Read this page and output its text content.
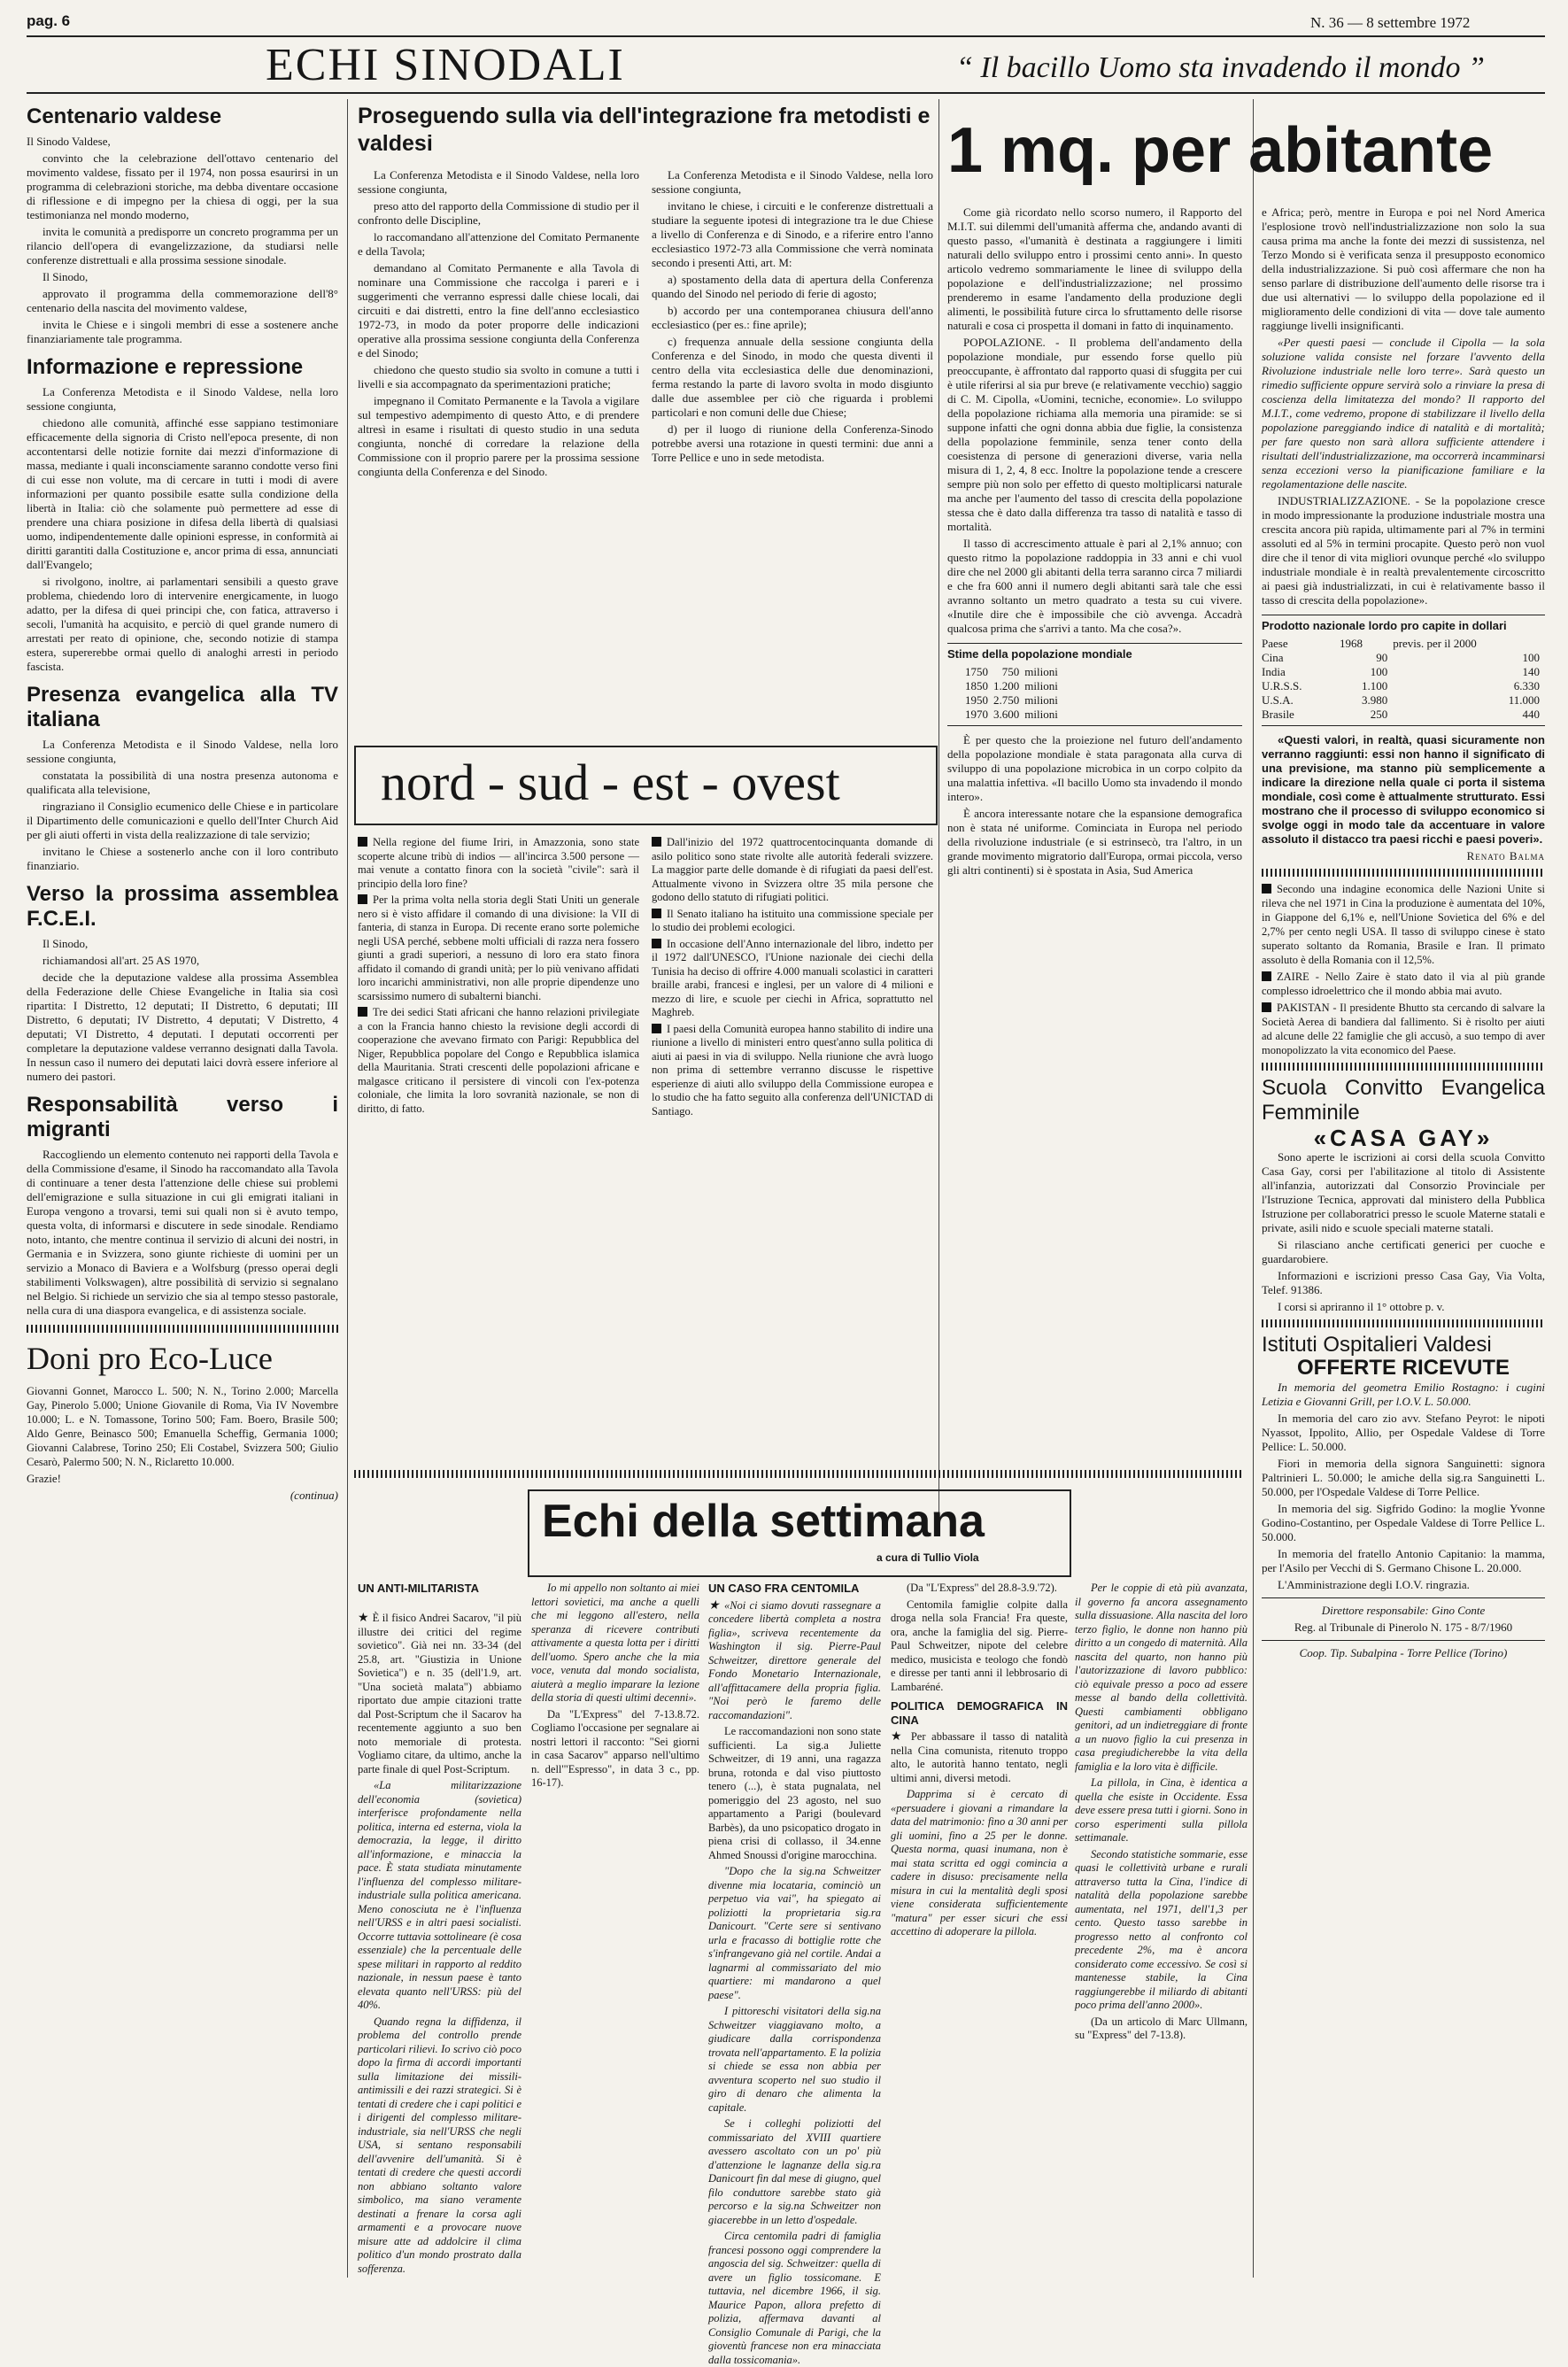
pag. 6	N. 36 — 8 settembre 1972
ECHI SINODALI	“ Il bacillo Uomo sta invadendo il mondo ”
Centenario valdese

Il Sinodo Valdese,

convinto che la celebrazione dell'ottavo centenario del movimento valdese, fissato per il 1974, non possa esaurirsi in un programma di celebrazioni storiche, ma debba diventare occasione di riflessione e di impegno per la chiesa di oggi, per la sua testimonianza nel mondo moderno,

invita le comunità a predisporre un concreto programma per un rilancio dell'opera di evangelizzazione, da studiarsi nelle conferenze distrettuali e alla prossima sessione sinodale.

Il Sinodo,

approvato il programma della commemorazione dell'8° centenario della nascita del movimento valdese,

invita le Chiese e i singoli membri di esse a sostenere anche finanziariamente tale programma.

Informazione e repressione

La Conferenza Metodista e il Sinodo Valdese, nella loro sessione congiunta,

chiedono alle comunità, affinché esse sappiano testimoniare efficacemente della signoria di Cristo nell'epoca presente, di non accontentarsi delle notizie fornite dai mezzi d'informazione di massa, mediante i quali inconsciamente saranno condotte verso fini di cui esse non volute, ma di cercare in tutti i modi di avere informazioni per quanto possibile esatte sulla condizione della libertà in Italia: ciò che solamente può permettere ad esse di prendere una chiara posizione in difesa della libertà di qualsiasi uomo, indipendentemente dalle opinioni espresse, in conformità ai diritti garantiti dalla Costituzione e, ancor prima di essa, annunciati dall'Evangelo;

si rivolgono, inoltre, ai parlamentari sensibili a questo grave problema, chiedendo loro di intervenire energicamente, in luogo adatto, per la difesa di quei principi che, con fatica, attraverso i secoli, l'umanità ha acquisito, e perciò di quel grande numero di arrestati per reato di opinione, che, secondo notizie di stampa estera, supererebbe ormai quello di analoghi arresti in periodo fascista.

Presenza evangelica alla TV italiana

La Conferenza Metodista e il Sinodo Valdese, nella loro sessione congiunta,

constatata la possibilità di una nostra presenza autonoma e qualificata alla televisione,

ringraziano il Consiglio ecumenico delle Chiese e in particolare il Dipartimento delle comunicazioni e quello dell'Inter Church Aid per gli aiuti offerti in vista della realizzazione di tale servizio;

invitano le Chiese a sostenerlo anche con il loro contributo finanziario.

Verso la prossima assemblea F.C.E.I.

Il Sinodo,

richiamandosi all'art. 25 AS 1970,

decide che la deputazione valdese alla prossima Assemblea della Federazione delle Chiese Evangeliche in Italia sia così ripartita: I Distretto, 12 deputati; II Distretto, 6 deputati; III Distretto, 6 deputati; IV Distretto, 4 deputati; V Distretto, 4 deputati; VI Distretto, 4 deputati. I deputati occorrenti per completare la deputazione valdese verranno designati dalla Tavola. In nessun caso il numero dei deputati laici dovrà essere inferiore al numero dei pastori.

Responsabilità verso i migranti

Raccogliendo un elemento contenuto nei rapporti della Tavola e della Commissione d'esame, il Sinodo ha raccomandato alla Tavola di continuare a tener desta l'attenzione delle chiese sui problemi dell'emigrazione e sulla situazione in cui gli emigrati italiani in Europa vengono a trovarsi, temi sui quali non si è avuto tempo, questa volta, di informarsi e discutere in sede sinodale. Rendiamo noto, intanto, che mentre continua il servizio di alcuni dei nostri, in Germania e in Svizzera, sono giunte richieste di uomini per un servizio a Monaco di Baviera e a Wolfsburg (presso operai degli stabilimenti Volkswagen), altre possibilità di servizio si segnalano nel Belgio. Si richiede un servizio che sia al tempo stesso pastorale, nella cura di una diaspora evangelica, e di assistenza sociale.

Doni pro Eco-Luce

Giovanni Gonnet, Marocco L. 500; N. N., Torino 2.000; Marcella Gay, Pinerolo 5.000; Unione Giovanile di Roma, Via IV Novembre 10.000; L. e N. Tomassone, Torino 500; Fam. Boero, Brasile 500; Aldo Genre, Beinasco 500; Emanuella Scheffig, Germania 1000; Giovanni Calabrese, Torino 250; Eli Costabel, Svizzera 500; Giulio Cesarò, Palermo 500; N. N., Riclaretto 10.000.

Grazie!

(continua)

Proseguendo sulla via dell'integrazione fra metodisti e valdesi

La Conferenza Metodista e il Sinodo Valdese, nella loro sessione congiunta,

preso atto del rapporto della Commissione di studio per il confronto delle Discipline,

lo raccomandano all'attenzione del Comitato Permanente e della Tavola;

demandano al Comitato Permanente e alla Tavola di nominare una Commissione che raccolga i pareri e i suggerimenti che verranno espressi dalle chiese locali, dai circuiti e dai distretti, entro la fine dell'anno ecclesiastico 1972-73, in modo da poter proporre delle indicazioni operative alla prossima sessione congiunta della Conferenza e del Sinodo;

chiedono che questo studio sia svolto in comune a tutti i livelli e sia accompagnato da sperimentazioni pratiche;

impegnano il Comitato Permanente e la Tavola a vigilare sul tempestivo adempimento di questo Atto, e di prendere altresì in esame i risultati di questo studio in una seduta congiunta, nonché di corredare la relazione della Commissione con il proprio parere per la prossima sessione congiunta della Conferenza e del Sinodo.

La Conferenza Metodista e il Sinodo Valdese, nella loro sessione congiunta,

invitano le chiese, i circuiti e le conferenze distrettuali a studiare la seguente ipotesi di integrazione tra le due Chiese a livello di Conferenza e di Sinodo, e a riferire entro l'anno ecclesiastico 1972-73 alla Commissione che verrà nominata secondo i presenti Atti, art. M:

a) spostamento della data di apertura della Conferenza quando del Sinodo nel periodo di ferie di agosto;

b) accordo per una contemporanea chiusura dell'anno ecclesiastico (per es.: fine aprile);

c) frequenza annuale della sessione congiunta della Conferenza e del Sinodo, in modo che questa diventi il centro della vita ecclesiastica delle due denominazioni, ferma restando la parte di lavoro svolta in modo disgiunto dalle due assemblee per ciò che riguarda i problemi particolari e non comuni delle due Chiese;

d) per il luogo di riunione della Conferenza-Sinodo potrebbe aversi una rotazione in questi termini: due anni a Torre Pellice e uno in sede metodista.

nord - sud - est - ovest

Nella regione del fiume Iriri, in Amazzonia, sono state scoperte alcune tribù di indios — all'incirca 3.500 persone — mai venute a contatto finora con la società "civile": sarà il principio della loro fine?

Per la prima volta nella storia degli Stati Uniti un generale nero si è visto affidare il comando di una divisione: la VII di fanteria, di stanza in Europa. Di recente erano sorte polemiche negli USA perché, sebbene molti ufficiali di razza nera fossero giunti a gradi superiori, a nessuno di loro era stato finora affidato il comando di grandi unità; per lo più venivano affidati loro incarichi amministrativi, non alle proprie dipendenze uno scarsissimo numero di subalterni bianchi.

Tre dei sedici Stati africani che hanno relazioni privilegiate a con la Francia hanno chiesto la revisione degli accordi di cooperazione che avevano firmato con Parigi: Repubblica del Niger, Repubblica popolare del Congo e Repubblica islamica della Mauritania. Strati crescenti delle popolazioni africane e malgasce criticano il persistere di vincoli con l'ex-potenza coloniale, che limita la loro sovranità nazionale, se non di diritto, di fatto.

Dall'inizio del 1972 quattrocentocinquanta domande di asilo politico sono state rivolte alle autorità federali svizzere. La maggior parte delle domande è di rifugiati da paesi dell'est. Attualmente vivono in Svizzera oltre 35 mila persone che godono dello statuto di rifugiati politici.

Il Senato italiano ha istituito una commissione speciale per lo studio dei problemi ecologici.

In occasione dell'Anno internazionale del libro, indetto per il 1972 dall'UNESCO, l'Unione nazionale dei ciechi della Tunisia ha deciso di offrire 4.000 manuali scolastici in caratteri braille arabi, francesi e inglesi, per un valore di 4 milioni e mezzo di lire, e scuole per ciechi in Africa, soprattutto nel Maghreb.

I paesi della Comunità europea hanno stabilito di indire una riunione a livello di ministeri entro quest'anno sulla politica di aiuti ai paesi in via di sviluppo. Nella riunione che avrà luogo non prima di settembre verranno discusse le rispettive esperienze di aiuti allo sviluppo della Commissione europea e lo studio che ha fatto seguito alla conferenza dell'UNICTAD di Santiago.

1 mq. per abitante

Come già ricordato nello scorso numero, il Rapporto del M.I.T. sui dilemmi dell'umanità afferma che, andando avanti di questo passo, «l'umanità è destinata a raggiungere i limiti naturali dello sviluppo entro i prossimi cento anni». In questo articolo vedremo sommariamente le linee di sviluppo della popolazione e dell'industrializzazione; nel prossimo prenderemo in esame l'andamento della produzione degli alimenti, le possibilità future circa lo sfruttamento delle risorse naturali e cosa ci prospetta il domani in fatto di inquinamento.

POPOLAZIONE. - Il problema dell'andamento della popolazione mondiale, pur essendo forse quello più preoccupante, è affrontato dal rapporto quasi di sfuggita per cui è utile riferirsi al sia pur breve (e relativamente vecchio) saggio di C. M. Cipolla, «Uomini, tecniche, economie». Lo sviluppo della popolazione richiama alla memoria una piramide: se si suppone infatti che ogni donna abbia due figlie, la consistenza della popolazione femminile, senza tener conto della coesistenza di persone di generazioni diverse, varia nella misura di 1, 2, 4, 8 ecc. Inoltre la popolazione tende a crescere sempre più non solo per effetto di questo moltiplicarsi naturale ma anche per l'aumento del tasso di crescita della popolazione stessa che è dato dalla differenza tra tasso di natalità e tasso di mortalità.

Il tasso di accrescimento attuale è pari al 2,1% annuo; con questo ritmo la popolazione raddoppia in 33 anni e chi vuol dire che nel 2000 gli abitanti della terra saranno circa 7 miliardi e che fra 600 anni il numero degli abitanti sarà tale che essi avranno soltanto un metro quadrato a testa su cui vivere. «Inutile dire che è impossibile che ciò avvenga. Accadrà qualcosa prima che s'arrivi a tanto. Ma che cosa?».

Stime della popolazione mondiale
1750	750	milioni
1850	1.200	milioni
1950	2.750	milioni
1970	3.600	milioni

È per questo che la proiezione nel futuro dell'andamento della popolazione mondiale è stata paragonata alla curva di sviluppo di una popolazione microbica in un corpo colpito da una malattia infettiva. «Il bacillo Uomo sta invadendo il mondo intero».

È ancora interessante notare che la espansione demografica non è stata né uniforme. Cominciata in Europa nel periodo della rivoluzione industriale (e si estrinsecò, tra l'altro, in un grande movimento migratorio dall'Europa, ormai piccola, verso gli altri continenti) si è spostata in Asia, Sud America

e Africa; però, mentre in Europa e poi nel Nord America l'esplosione trovò nell'industrializzazione non solo la sua causa prima ma anche la fonte dei mezzi di sussistenza, nel Terzo Mondo si è verificata senza il presupposto economico della industrializzazione. Si può così affermare che non ha senso parlare di distribuzione dell'aumento delle risorse tra i due usi alternativi — lo sviluppo della popolazione ed il miglioramento delle condizioni di vita — dove tale aumento raggiunge livelli insignificanti.

«Per questi paesi — conclude il Cipolla — la sola soluzione valida consiste nel forzare l'avvento della Rivoluzione industriale nelle loro terre». Sarà questo un rimedio sufficiente oppure servirà solo a rinviare la presa di coscienza della limitatezza del mondo? Il rapporto del M.I.T., come vedremo, propone di stabilizzare il livello della popolazione pareggiando indice di natalità e di mortalità; per fare questo non sarà allora sufficiente attendere i risultati dell'industrializzazione, ma occorrerà incamminarsi senza eccezioni verso la pianificazione familiare e la regolamentazione delle nascite.

INDUSTRIALIZZAZIONE. - Se la popolazione cresce in modo impressionante la produzione industriale mostra una crescita ancora più rapida, ultimamente pari al 7% in termini assoluti ed al 5% in termini procapite. Questo però non vuol dire che il tenor di vita migliori ovunque perché «lo sviluppo industriale mondiale è in realtà prevalentemente circoscritto ai paesi già industrializzati, in cui è relativamente basso il tasso di crescita della popolazione».

Prodotto nazionale lordo pro capite in dollari
Paese	1968	previs. per il 2000
Cina	90	100
India	100	140
U.R.S.S.	1.100	6.330
U.S.A.	3.980	11.000
Brasile	250	440

«Questi valori, in realtà, quasi sicuramente non verranno raggiunti: essi non hanno il significato di una previsione, ma stanno più semplicemente a indicare la direzione nella quale ci porta il sistema mondiale, così come è attualmente strutturato. Essi mostrano che il processo di sviluppo economico si svolge oggi in modo tale da accentuare in valore assoluto il distacco tra paesi ricchi e paesi poveri».

Renato Balma

Secondo una indagine economica delle Nazioni Unite si rileva che nel 1971 in Cina la produzione è aumentata del 10%, in Giappone del 6,1% e, nell'Unione Sovietica del 6% e del 2,7% per cento negli USA. Il tasso di sviluppo cinese è stato superato soltanto da Romania, Brasile e Iran. Il primato assoluto è della Romania con il 12,5%.

ZAIRE - Nello Zaire è stato dato il via al più grande complesso idroelettrico che il mondo abbia mai avuto.

PAKISTAN - Il presidente Bhutto sta cercando di salvare la Società Aerea di bandiera dal fallimento. Si è risolto per aiuti ad alcune delle 22 famiglie che gli accusò, a suo tempo di aver monopolizzato la vita economico del Paese.

Scuola Convitto Evangelica Femminile
«CASA GAY»

Sono aperte le iscrizioni ai corsi della scuola Convitto Casa Gay, corsi per l'abilitazione al titolo di Assistente all'infanzia, autorizzati dal Consorzio Provinciale per l'Istruzione Tecnica, approvati dal ministero della Pubblica Istruzione per collaboratrici presso le scuole Materne statali e private, asili nido e scuole speciali materne statali.

Si rilasciano anche certificati generici per cuoche e guardarobiere.

Informazioni e iscrizioni presso Casa Gay, Via Volta, Telef. 91386.

I corsi si apriranno il 1° ottobre p. v.

Istituti Ospitalieri Valdesi
OFFERTE RICEVUTE

In memoria del geometra Emilio Rostagno: i cugini Letizia e Giovanni Grill, per l.O.V. L. 50.000.

In memoria del caro zio avv. Stefano Peyrot: le nipoti Nyassot, Ippolito, Allio, per Ospedale Valdese di Torre Pellice: L. 50.000.

Fiori in memoria della signora Sanguinetti: signora Paltrinieri L. 50.000; le amiche della sig.ra Sanguinetti L. 50.000, per l'Ospedale Valdese di Torre Pellice.

In memoria del sig. Sigfrido Godino: la moglie Yvonne Godino-Costantino, per Ospedale Valdese di Torre Pellice L. 50.000.

In memoria del fratello Antonio Capitanio: la mamma, per l'Asilo per Vecchi di S. Germano Chisone L. 20.000.

L'Amministrazione degli I.O.V. ringrazia.

Direttore responsabile: Gino Conte

Reg. al Tribunale di Pinerolo N. 175 - 8/7/1960

Coop. Tip. Subalpina - Torre Pellice (Torino)

Echi della settimana
a cura di Tullio Viola
UN ANTI-MILITARISTA

★ È il fisico Andrei Sacarov, "il più illustre dei critici del regime sovietico". Già nei nn. 33-34 (del 25.8, art. "Giustizia in Unione Sovietica") e n. 35 (dell'1.9, art. "Una società malata") abbiamo riportato due ampie citazioni tratte dal Post-Scriptum che il Sacarov ha recentemente aggiunto a suo ben noto memoriale di protesta. Vogliamo citare, da ultimo, anche la parte finale di quel Post-Scriptum.

«La militarizzazione dell'economia (sovietica) interferisce profondamente nella politica, interna ed esterna, viola la democrazia, la legge, il diritto all'informazione, e minaccia la pace. È stata studiata minutamente l'influenza del complesso militare-industriale sulla politica americana. Meno conosciuta ne è l'influenza nell'URSS e in altri paesi socialisti. Occorre tuttavia sottolineare (è cosa essenziale) che la percentuale delle spese militari in rapporto al reddito nazionale, in nessun paese è tanto elevata quanto nell'URSS: più del 40%.

Quando regna la diffidenza, il problema del controllo prende particolari rilievi. Io scrivo ciò poco dopo la firma di accordi importanti sulla limitazione dei missili-antimissili e dei razzi strategici. Si è tentati di credere che i capi politici e i dirigenti del complesso militare-industriale, sia nell'URSS che negli USA, si sentano responsabili dell'avvenire dell'umanità. Si è tentati di credere che questi accordi non abbiano soltanto valore simbolico, ma siano veramente destinati a frenare la corsa agli armamenti e a provocare nuove misure atte ad addolcire il clima politico d'un mondo prostrato dalla sofferenza.

Io mi appello non soltanto ai miei lettori sovietici, ma anche a quelli che mi leggono all'estero, nella speranza di ricevere contributi attivamente a questa lotta per i diritti dell'uomo. Spero anche che la mia voce, venuta dal mondo socialista, aiuterà a meglio imparare la lezione della storia di questi ultimi decenni».

Da "L'Express" del 7-13.8.72. Cogliamo l'occasione per segnalare ai nostri lettori il racconto: "Sei giorni in casa Sacarov" apparso nell'ultimo n. dell'"Espresso", in data 3 c., pp. 16-17).

UN CASO FRA CENTOMILA

★ «Noi ci siamo dovuti rassegnare a concedere libertà completa a nostra figlia», scriveva recentemente da Washington il sig. Pierre-Paul Schweitzer, direttore generale del Fondo Monetario Internazionale, all'affittacamere della propria figlia. "Noi però le faremo delle raccomandazioni".

Le raccomandazioni non sono state sufficienti. La sig.a Juliette Schweitzer, di 19 anni, una ragazza bruna, rotonda e dal viso piuttosto tenero (...), è stata pugnalata, nel pomeriggio del 23 agosto, nel suo appartamento a Parigi (boulevard Barbès), da uno psicopatico drogato in piena crisi di collasso, il 34.enne Ahmed Snoussi d'origine marocchina.

"Dopo che la sig.na Schweitzer divenne mia locataria, cominciò un perpetuo via vai", ha spiegato ai poliziotti la proprietaria sig.ra Danicourt. "Certe sere si sentivano urla e fracasso di bottiglie rotte che s'infrangevano già nel cortile. Andai a lagnarmi al commissariato del mio quartiere: mi mandarono a quel paese".

I pittoreschi visitatori della sig.na Schweitzer viaggiavano molto, a giudicare dalla corrispondenza trovata nell'appartamento. E la polizia si chiede se essa non abbia per avventura scoperto nel suo studio il giro di denaro che alimenta la capitale.

Se i colleghi poliziotti del commissariato del XVIII quartiere avessero ascoltato con un po' più d'attenzione le lagnanze della sig.ra Danicourt fin dal mese di giugno, quel filo conduttore sarebbe stato già percorso e la sig.na Schweitzer non giacerebbe in un letto d'ospedale.

Circa centomila padri di famiglia francesi possono oggi comprendere la angoscia del sig. Schweitzer: quella di avere un figlio tossicomane. E tuttavia, nel dicembre 1966, il sig. Maurice Papon, allora prefetto di polizia, affermava davanti al Consiglio Comunale di Parigi, che la gioventù francese non era minacciata dalla tossicomania».

(Da "L'Express" del 28.8-3.9.'72).

Centomila famiglie colpite dalla droga nella sola Francia! Fra queste, ora, anche la famiglia del sig. Pierre-Paul Schweitzer, nipote del celebre medico, musicista e teologo che fondò e diresse per tanti anni il lebbrosario di Lambaréné.

POLITICA DEMOGRAFICA IN CINA

★ Per abbassare il tasso di natalità nella Cina comunista, ritenuto troppo alto, le autorità hanno tentato, negli ultimi anni, diversi metodi.

Dapprima si è cercato di «persuadere i giovani a rimandare la data del matrimonio: fino a 30 anni per gli uomini, fino a 25 per le donne. Questa norma, quasi inumana, non è mai stata scritta ed oggi comincia a cadere in disuso: precisamente nella misura in cui la mentalità degli sposi viene considerata sufficientemente "matura" per esser sicuri che essi accettino di adoperare la pillola.

Per le coppie di età più avanzata, il governo fa ancora assegnamento sulla dissuasione. Alla nascita del loro terzo figlio, le donne non hanno più diritto a un congedo di maternità. Alla nascita del quarto, non hanno più l'autorizzazione di lavoro pubblico: ciò equivale presso a poco ad essere messe al bando della collettività. Questi cambiamenti obbligano genitori, ad un indietreggiare di fronte a un nuovo figlio la cui presenza in casa pregiudicherebbe la vita della famiglia e la loro vita è difficile.

La pillola, in Cina, è identica a quella che esiste in Occidente. Essa deve essere presa tutti i giorni. Sono in corso esperimenti sulla pillola settimanale.

Secondo statistiche sommarie, esse quasi le collettività urbane e rurali attraverso tutta la Cina, l'indice di natalità della popolazione sarebbe aumentata, nel 1971, dell'1,3 per cento. Questo tasso sarebbe in progresso netto al confronto col precedente 2%, ma è ancora considerato come eccessivo. Se così si mantenesse stabile, la Cina raggiungerebbe il miliardo di abitanti poco prima dell'anno 2000».

(Da un articolo di Marc Ullmann, su "Express" del 7-13.8).
